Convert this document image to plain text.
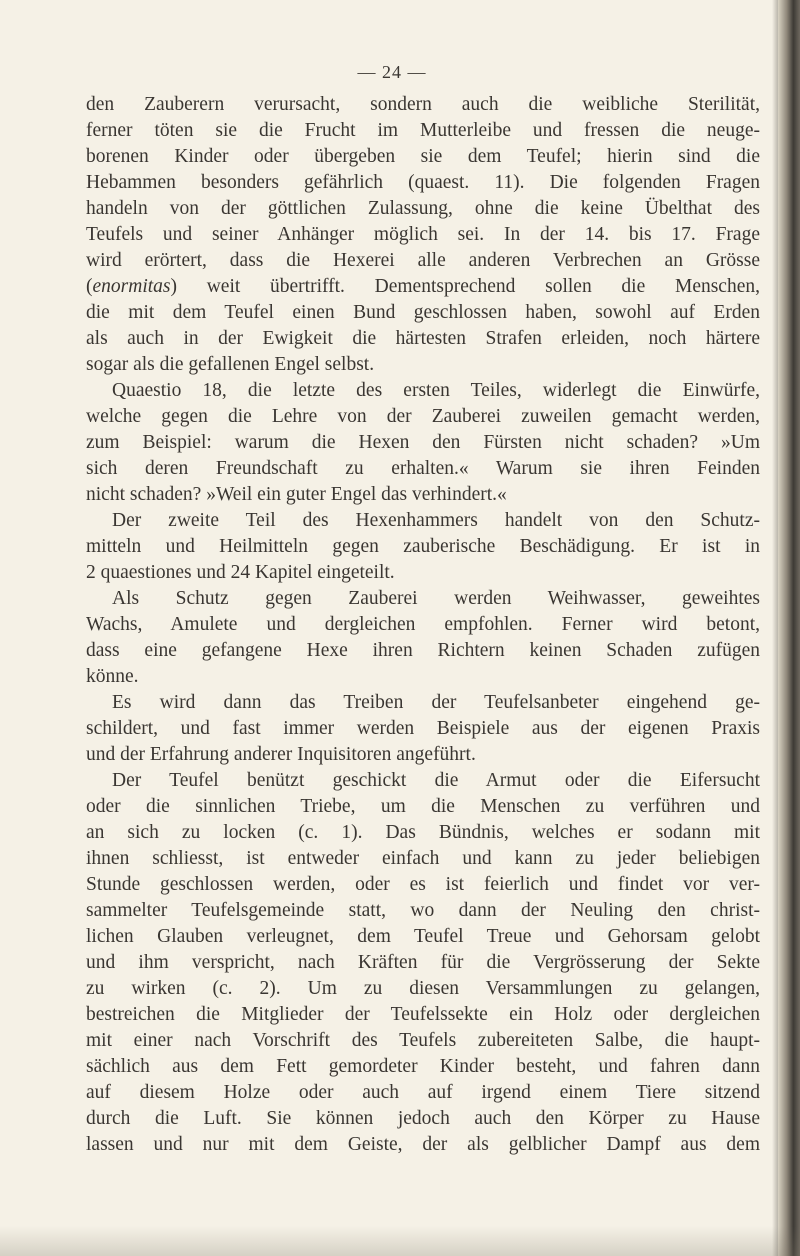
— 24 —
den Zauberern verursacht, sondern auch die weibliche Sterilität,
ferner töten sie die Frucht im Mutterleibe und fressen die neuge-
borenen Kinder oder übergeben sie dem Teufel; hierin sind die
Hebammen besonders gefährlich (quaest. 11). Die folgenden Fragen
handeln von der göttlichen Zulassung, ohne die keine Übelthat des
Teufels und seiner Anhänger möglich sei. In der 14. bis 17. Frage
wird erörtert, dass die Hexerei alle anderen Verbrechen an Grösse
(enormitas) weit übertrifft. Dementsprechend sollen die Menschen,
die mit dem Teufel einen Bund geschlossen haben, sowohl auf Erden
als auch in der Ewigkeit die härtesten Strafen erleiden, noch härtere
sogar als die gefallenen Engel selbst.
Quaestio 18, die letzte des ersten Teiles, widerlegt die Einwürfe,
welche gegen die Lehre von der Zauberei zuweilen gemacht werden,
zum Beispiel: warum die Hexen den Fürsten nicht schaden? »Um
sich deren Freundschaft zu erhalten.« Warum sie ihren Feinden
nicht schaden? »Weil ein guter Engel das verhindert.«
Der zweite Teil des Hexenhammers handelt von den Schutz-
mitteln und Heilmitteln gegen zauberische Beschädigung. Er ist in
2 quaestiones und 24 Kapitel eingeteilt.
Als Schutz gegen Zauberei werden Weihwasser, geweihtes
Wachs, Amulete und dergleichen empfohlen. Ferner wird betont,
dass eine gefangene Hexe ihren Richtern keinen Schaden zufügen
könne.
Es wird dann das Treiben der Teufelsanbeter eingehend ge-
schildert, und fast immer werden Beispiele aus der eigenen Praxis
und der Erfahrung anderer Inquisitoren angeführt.
Der Teufel benützt geschickt die Armut oder die Eifersucht
oder die sinnlichen Triebe, um die Menschen zu verführen und
an sich zu locken (c. 1). Das Bündnis, welches er sodann mit
ihnen schliesst, ist entweder einfach und kann zu jeder beliebigen
Stunde geschlossen werden, oder es ist feierlich und findet vor ver-
sammelter Teufelsgemeinde statt, wo dann der Neuling den christ-
lichen Glauben verleugnet, dem Teufel Treue und Gehorsam gelobt
und ihm verspricht, nach Kräften für die Vergrösserung der Sekte
zu wirken (c. 2). Um zu diesen Versammlungen zu gelangen,
bestreichen die Mitglieder der Teufelssekte ein Holz oder dergleichen
mit einer nach Vorschrift des Teufels zubereiteten Salbe, die haupt-
sächlich aus dem Fett gemordeter Kinder besteht, und fahren dann
auf diesem Holze oder auch auf irgend einem Tiere sitzend
durch die Luft. Sie können jedoch auch den Körper zu Hause
lassen und nur mit dem Geiste, der als gelblicher Dampf aus dem
